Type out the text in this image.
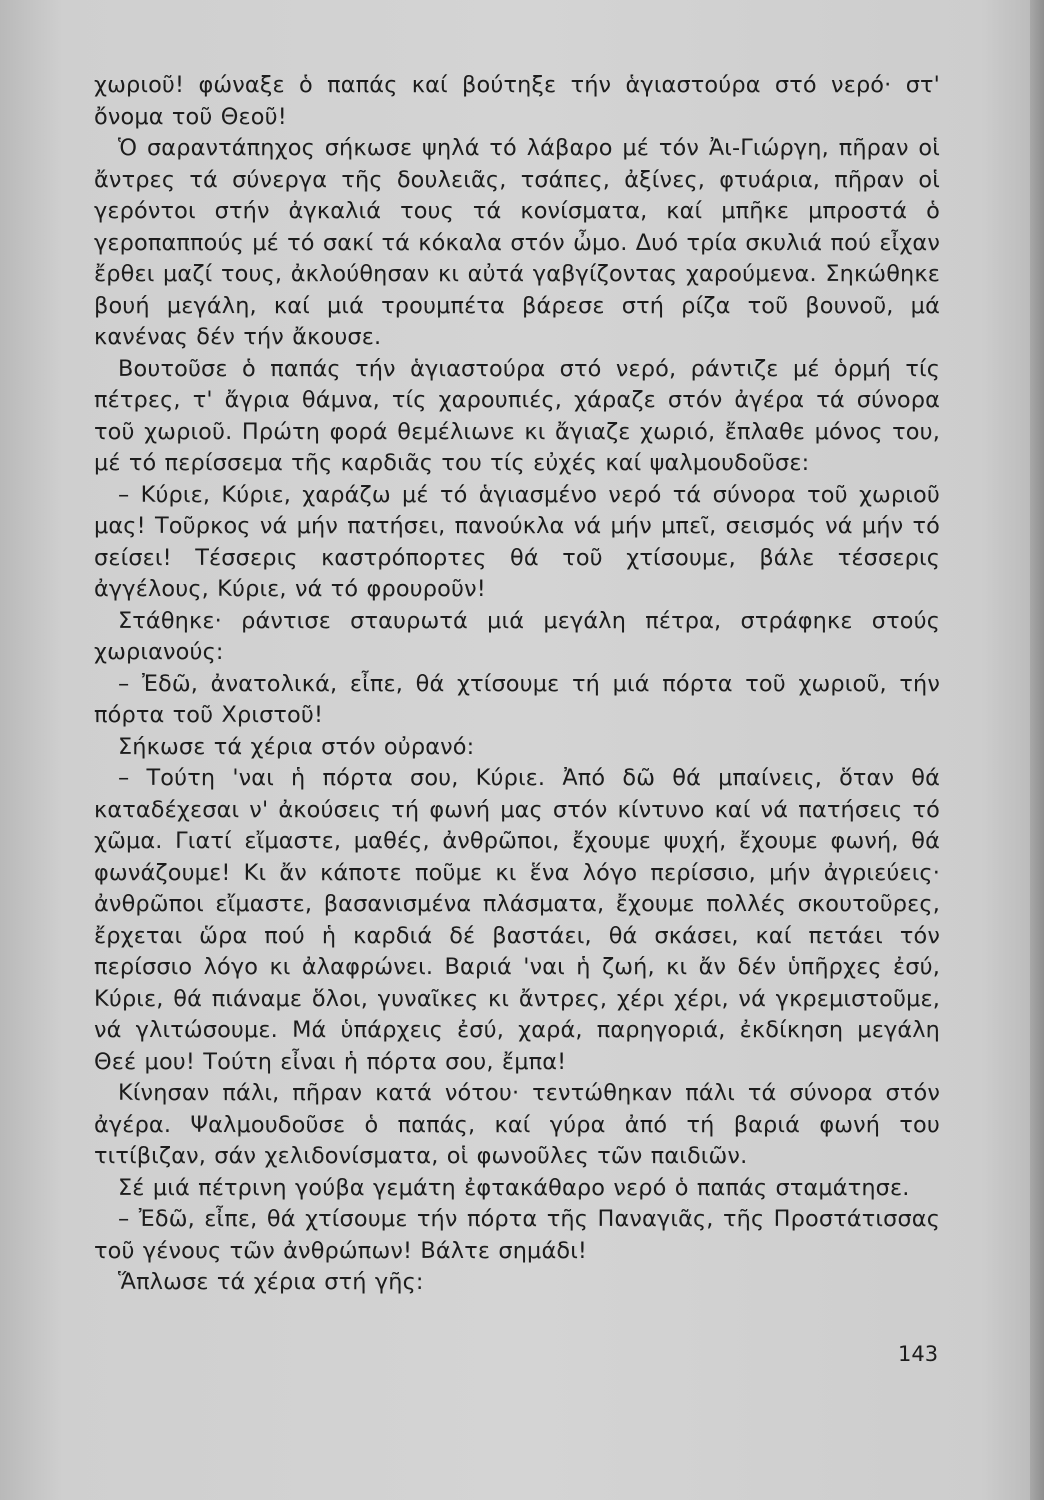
χωριοῦ! φώναξε ὁ παπάς καί βούτηξε τήν ἁγιαστούρα στό νερό· στ' ὄνομα τοῦ Θεοῦ!

Ὁ σαραντάπηχος σήκωσε ψηλά τό λάβαρο μέ τόν Ἀι-Γιώργη, πῆραν οἱ ἄντρες τά σύνεργα τῆς δουλειᾶς, τσάπες, ἀξίνες, φτυάρια, πῆραν οἱ γερόντοι στήν ἀγκαλιά τους τά κονίσματα, καί μπῆκε μπροστά ὁ γεροπαππούς μέ τό σακί τά κόκαλα στόν ὦμο. Δυό τρία σκυλιά πού εἶχαν ἔρθει μαζί τους, ἀκλούθησαν κι αὐτά γαβγίζοντας χαρούμενα. Σηκώθηκε βουή μεγάλη, καί μιά τρουμπέτα βάρεσε στή ρίζα τοῦ βουνοῦ, μά κανένας δέν τήν ἄκουσε.

Βουτοῦσε ὁ παπάς τήν ἁγιαστούρα στό νερό, ράντιζε μέ ὁρμή τίς πέτρες, τ' ἄγρια θάμνα, τίς χαρουπιές, χάραζε στόν ἀγέρα τά σύνορα τοῦ χωριοῦ. Πρώτη φορά θεμέλιωνε κι ἄγιαζε χωριό, ἔπλαθε μόνος του, μέ τό περίσσεμα τῆς καρδιᾶς του τίς εὐχές καί ψαλμουδοῦσε:

– Κύριε, Κύριε, χαράζω μέ τό ἁγιασμένο νερό τά σύνορα τοῦ χωριοῦ μας! Τοῦρκος νά μήν πατήσει, πανούκλα νά μήν μπεῖ, σεισμός νά μήν τό σείσει! Τέσσερις καστρόπορτες θά τοῦ χτίσουμε, βάλε τέσσερις ἀγγέλους, Κύριε, νά τό φρουροῦν!

Στάθηκε· ράντισε σταυρωτά μιά μεγάλη πέτρα, στράφηκε στούς χωριανούς:

– Ἐδῶ, ἀνατολικά, εἶπε, θά χτίσουμε τή μιά πόρτα τοῦ χωριοῦ, τήν πόρτα τοῦ Χριστοῦ!

Σήκωσε τά χέρια στόν οὐρανό:

– Τούτη 'ναι ἡ πόρτα σου, Κύριε. Ἀπό δῶ θά μπαίνεις, ὅταν θά καταδέχεσαι ν' ἀκούσεις τή φωνή μας στόν κίντυνο καί νά πατήσεις τό χῶμα. Γιατί εἴμαστε, μαθές, ἀνθρῶποι, ἔχουμε ψυχή, ἔχουμε φωνή, θά φωνάζουμε! Κι ἄν κάποτε ποῦμε κι ἕνα λόγο περίσσιο, μήν ἀγριεύεις· ἀνθρῶποι εἴμαστε, βασανισμένα πλάσματα, ἔχουμε πολλές σκουτοῦρες, ἔρχεται ὥρα πού ἡ καρδιά δέ βαστάει, θά σκάσει, καί πετάει τόν περίσσιο λόγο κι ἀλαφρώνει. Βαριά 'ναι ἡ ζωή, κι ἄν δέν ὑπῆρχες ἐσύ, Κύριε, θά πιάναμε ὅλοι, γυναῖκες κι ἄντρες, χέρι χέρι, νά γκρεμιστοῦμε, νά γλιτώσουμε. Μά ὑπάρχεις ἐσύ, χαρά, παρηγοριά, ἐκδίκηση μεγάλη Θεέ μου! Τούτη εἶναι ἡ πόρτα σου, ἔμπα!

Κίνησαν πάλι, πῆραν κατά νότου· τεντώθηκαν πάλι τά σύνορα στόν ἀγέρα. Ψαλμουδοῦσε ὁ παπάς, καί γύρα ἀπό τή βαριά φωνή του τιτίβιζαν, σάν χελιδονίσματα, οἱ φωνοῦλες τῶν παιδιῶν.

Σέ μιά πέτρινη γούβα γεμάτη ἐφτακάθαρο νερό ὁ παπάς σταμάτησε.

– Ἐδῶ, εἶπε, θά χτίσουμε τήν πόρτα τῆς Παναγιᾶς, τῆς Προστάτισσας τοῦ γένους τῶν ἀνθρώπων! Βάλτε σημάδι!

Ἅπλωσε τά χέρια στή γῆς:

143
